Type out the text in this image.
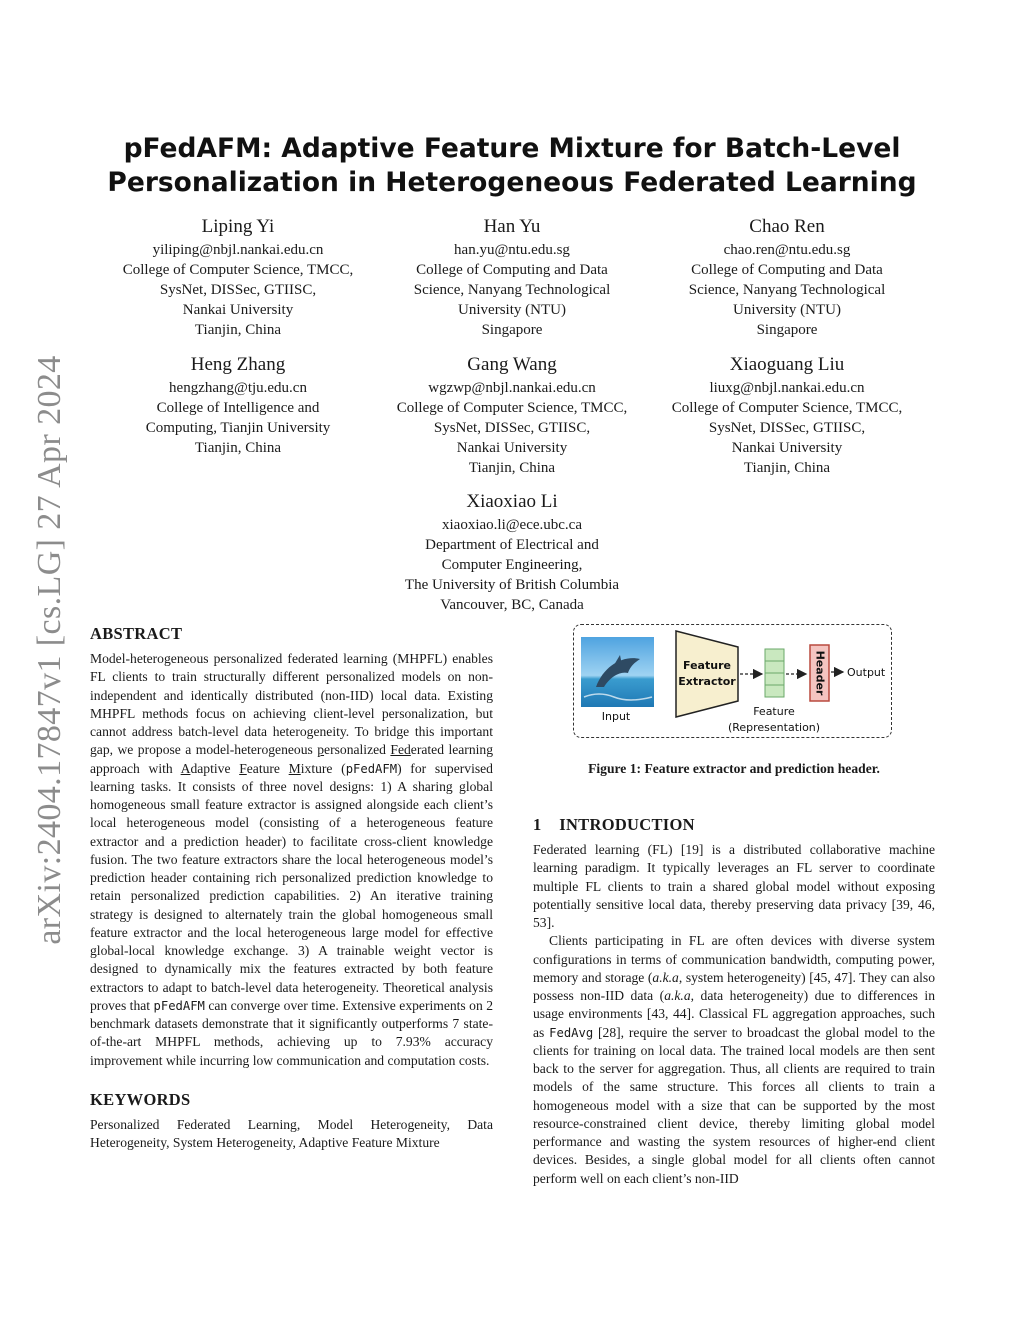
arXiv:2404.17847v1 [cs.LG] 27 Apr 2024
pFedAFM: Adaptive Feature Mixture for Batch-Level
Personalization in Heterogeneous Federated Learning
Liping Yi
yiliping@nbjl.nankai.edu.cn
College of Computer Science, TMCC,
SysNet, DISSec, GTIISC,
Nankai University
Tianjin, China
Han Yu
han.yu@ntu.edu.sg
College of Computing and Data
Science, Nanyang Technological
University (NTU)
Singapore
Chao Ren
chao.ren@ntu.edu.sg
College of Computing and Data
Science, Nanyang Technological
University (NTU)
Singapore
Heng Zhang
hengzhang@tju.edu.cn
College of Intelligence and
Computing, Tianjin University
Tianjin, China
Gang Wang
wgzwp@nbjl.nankai.edu.cn
College of Computer Science, TMCC,
SysNet, DISSec, GTIISC,
Nankai University
Tianjin, China
Xiaoguang Liu
liuxg@nbjl.nankai.edu.cn
College of Computer Science, TMCC,
SysNet, DISSec, GTIISC,
Nankai University
Tianjin, China
Xiaoxiao Li
xiaoxiao.li@ece.ubc.ca
Department of Electrical and
Computer Engineering,
The University of British Columbia
Vancouver, BC, Canada
ABSTRACT

Model-heterogeneous personalized federated learning (MHPFL) enables FL clients to train structurally different personalized models on non-independent and identically distributed (non-IID) local data. Existing MHPFL methods focus on achieving client-level personalization, but cannot address batch-level data heterogeneity. To bridge this important gap, we propose a model-heterogeneous personalized Federated learning approach with Adaptive Feature Mixture (pFedAFM) for supervised learning tasks. It consists of three novel designs: 1) A sharing global homogeneous small feature extractor is assigned alongside each client’s local heterogeneous model (consisting of a heterogeneous feature extractor and a prediction header) to facilitate cross-client knowledge fusion. The two feature extractors share the local heterogeneous model’s prediction header containing rich personalized prediction knowledge to retain personalized prediction capabilities. 2) An iterative training strategy is designed to alternately train the global homogeneous small feature extractor and the local heterogeneous large model for effective global-local knowledge exchange. 3) A trainable weight vector is designed to dynamically mix the features extracted by both feature extractors to adapt to batch-level data heterogeneity. Theoretical analysis proves that pFedAFM can converge over time. Extensive experiments on 2 benchmark datasets demonstrate that it significantly outperforms 7 state-of-the-art MHPFL methods, achieving up to 7.93% accuracy improvement while incurring low communication and computation costs.

KEYWORDS

Personalized Federated Learning, Model Heterogeneity, Data Heterogeneity, System Heterogeneity, Adaptive Feature Mixture

Input
Feature
Extractor	Header Output
Feature
(Representation)
Figure 1: Feature extractor and prediction header.
1    INTRODUCTION

Federated learning (FL) [19] is a distributed collaborative machine learning paradigm. It typically leverages an FL server to coordinate multiple FL clients to train a shared global model without exposing potentially sensitive local data, thereby preserving data privacy [39, 46, 53].

Clients participating in FL are often devices with diverse system configurations in terms of communication bandwidth, computing power, memory and storage (a.k.a, system heterogeneity) [45, 47]. They can also possess non-IID data (a.k.a, data heterogeneity) due to differences in usage environments [43, 44]. Classical FL aggregation approaches, such as FedAvg [28], require the server to broadcast the global model to the clients for training on local data. The trained local models are then sent back to the server for aggregation. Thus, all clients are required to train models of the same structure. This forces all clients to train a homogeneous model with a size that can be supported by the most resource-constrained client device, thereby limiting global model performance and wasting the system resources of higher-end client devices. Besides, a single global model for all clients often cannot perform well on each client’s non-IID
